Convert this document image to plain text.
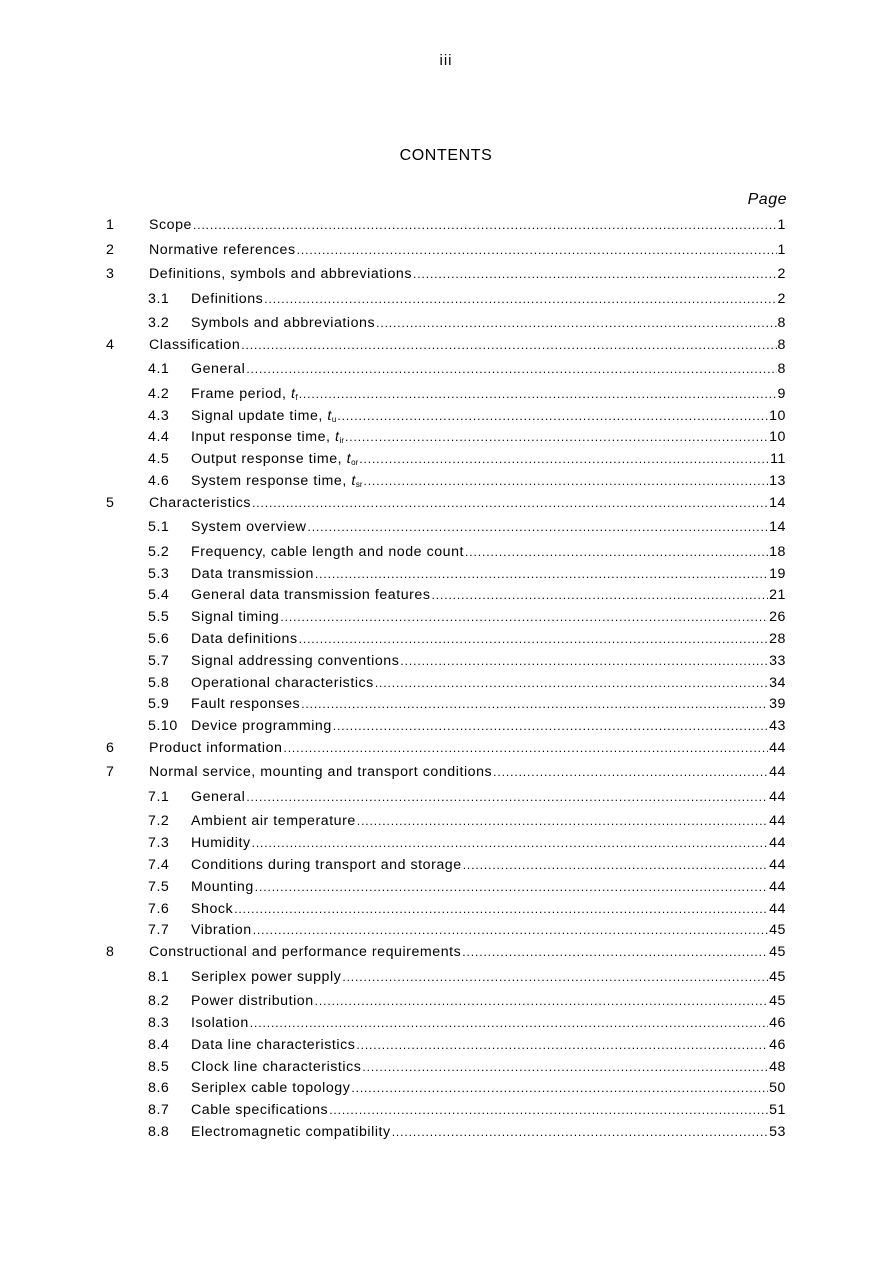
iii
CONTENTS
Page
1 Scope .....	1
2 Normative references .....	1
3 Definitions, symbols and abbreviations .....	2
3.1 Definitions .....	2
3.2 Symbols and abbreviations .....	8
4 Classification .....	8
4.1 General .....	8
4.2 Frame period, $t_f$ .....	9
4.3 Signal update time, $t_u$ .....	10
4.4 Input response time, $t_{ir}$ .....	10
4.5 Output response time, $t_{or}$ .....	11
4.6 System response time, $t_{sr}$ .....	13
5 Characteristics .....	14
5.1 System overview .....	14
5.2 Frequency, cable length and node count .....	18
5.3 Data transmission .....	19
5.4 General data transmission features .....	21
5.5 Signal timing .....	26
5.6 Data definitions .....	28
5.7 Signal addressing conventions .....	33
5.8 Operational characteristics .....	34
5.9 Fault responses .....	39
5.10 Device programming .....	43
6 Product information .....	44
7 Normal service, mounting and transport conditions .....	44
7.1 General .....	44
7.2 Ambient air temperature .....	44
7.3 Humidity .....	44
7.4 Conditions during transport and storage .....	44
7.5 Mounting .....	44
7.6 Shock .....	44
7.7 Vibration .....	45
8 Constructional and performance requirements .....	45
8.1 Seriplex power supply .....	45
8.2 Power distribution .....	45
8.3 Isolation .....	46
8.4 Data line characteristics .....	46
8.5 Clock line characteristics .....	48
8.6 Seriplex cable topology .....	50
8.7 Cable specifications .....	51
8.8 Electromagnetic compatibility .....	53
